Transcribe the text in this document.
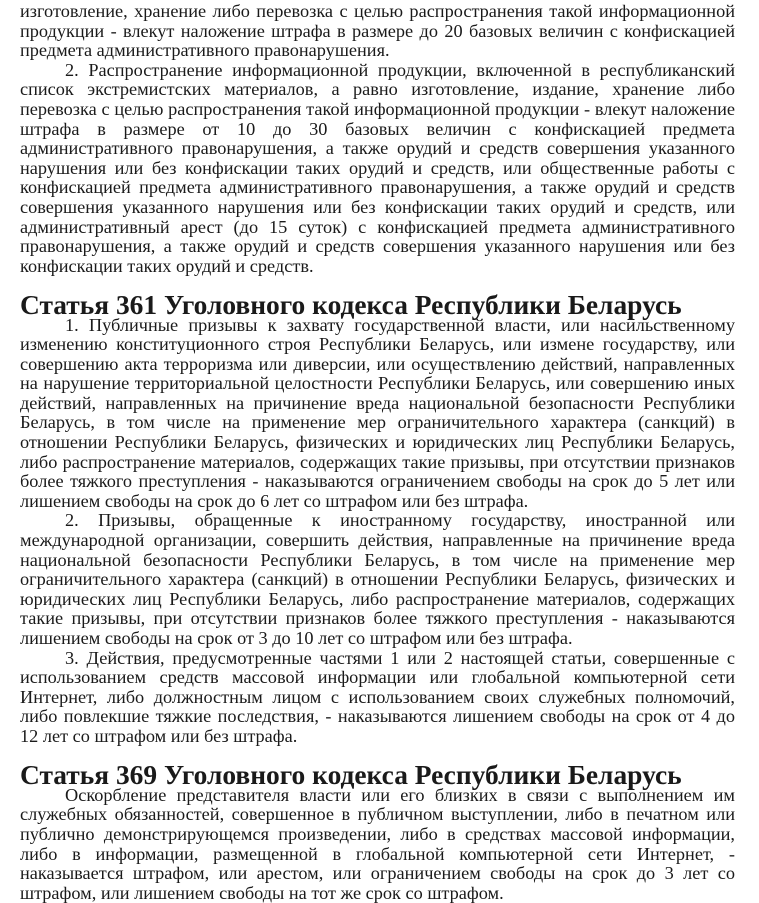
изготовление, хранение либо перевозка с целью распространения такой информационной продукции - влекут наложение штрафа в размере до 20 базовых величин с конфискацией предмета административного правонарушения.

2. Распространение информационной продукции, включенной в республиканский список экстремистских материалов, а равно изготовление, издание, хранение либо перевозка с целью распространения такой информационной продукции - влекут наложение штрафа в размере от 10 до 30 базовых величин с конфискацией предмета административного правонарушения, а также орудий и средств совершения указанного нарушения или без конфискации таких орудий и средств, или общественные работы с конфискацией предмета административного правонарушения, а также орудий и средств совершения указанного нарушения или без конфискации таких орудий и средств, или административный арест (до 15 суток) с конфискацией предмета административного правонарушения, а также орудий и средств совершения указанного нарушения или без конфискации таких орудий и средств.

Статья 361 Уголовного кодекса Республики Беларусь

1. Публичные призывы к захвату государственной власти, или насильственному изменению конституционного строя Республики Беларусь, или измене государству, или совершению акта терроризма или диверсии, или осуществлению действий, направленных на нарушение территориальной целостности Республики Беларусь, или совершению иных действий, направленных на причинение вреда национальной безопасности Республики Беларусь, в том числе на применение мер ограничительного характера (санкций) в отношении Республики Беларусь, физических и юридических лиц Республики Беларусь, либо распространение материалов, содержащих такие призывы, при отсутствии признаков более тяжкого преступления - наказываются ограничением свободы на срок до 5 лет или лишением свободы на срок до 6 лет со штрафом или без штрафа.

2. Призывы, обращенные к иностранному государству, иностранной или международной организации, совершить действия, направленные на причинение вреда национальной безопасности Республики Беларусь, в том числе на применение мер ограничительного характера (санкций) в отношении Республики Беларусь, физических и юридических лиц Республики Беларусь, либо распространение материалов, содержащих такие призывы, при отсутствии признаков более тяжкого преступления - наказываются лишением свободы на срок от 3 до 10 лет со штрафом или без штрафа.

3. Действия, предусмотренные частями 1 или 2 настоящей статьи, совершенные с использованием средств массовой информации или глобальной компьютерной сети Интернет, либо должностным лицом с использованием своих служебных полномочий, либо повлекшие тяжкие последствия, - наказываются лишением свободы на срок от 4 до 12 лет со штрафом или без штрафа.

Статья 369 Уголовного кодекса Республики Беларусь

Оскорбление представителя власти или его близких в связи с выполнением им служебных обязанностей, совершенное в публичном выступлении, либо в печатном или публично демонстрирующемся произведении, либо в средствах массовой информации, либо в информации, размещенной в глобальной компьютерной сети Интернет, - наказывается штрафом, или арестом, или ограничением свободы на срок до 3 лет со штрафом, или лишением свободы на тот же срок со штрафом.
